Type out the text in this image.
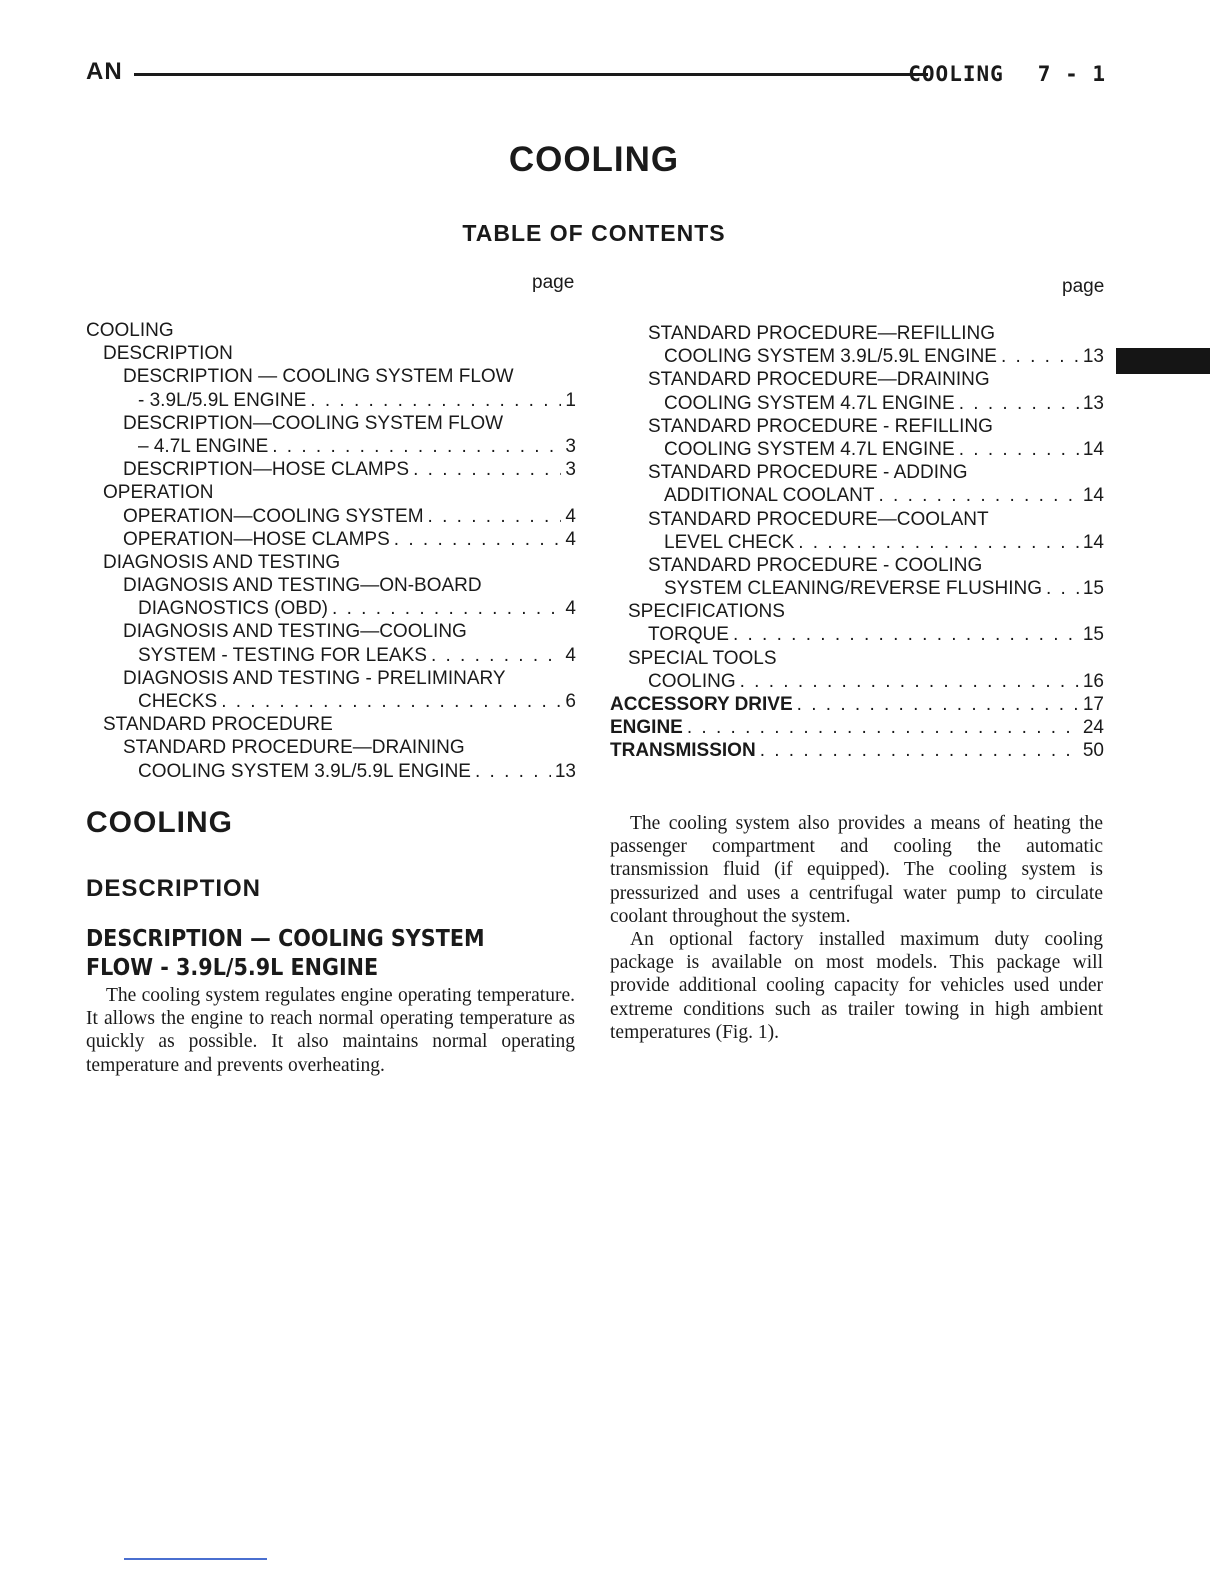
AN	COOLING 7 - 1
COOLING
TABLE OF CONTENTS
page	page
COOLING
DESCRIPTION
DESCRIPTION — COOLING SYSTEM FLOW
- 3.9L/5.9L ENGINE . . .	1
DESCRIPTION—COOLING SYSTEM FLOW
– 4.7L ENGINE . . .	3
DESCRIPTION—HOSE CLAMPS . . .	3
OPERATION
OPERATION—COOLING SYSTEM . . .	4
OPERATION—HOSE CLAMPS . . .	4
DIAGNOSIS AND TESTING
DIAGNOSIS AND TESTING—ON-BOARD
DIAGNOSTICS (OBD) . . .	4
DIAGNOSIS AND TESTING—COOLING
SYSTEM - TESTING FOR LEAKS . . .	4
DIAGNOSIS AND TESTING - PRELIMINARY
CHECKS . . .	6
STANDARD PROCEDURE
STANDARD PROCEDURE—DRAINING
COOLING SYSTEM 3.9L/5.9L ENGINE . . .	13
STANDARD PROCEDURE—REFILLING
COOLING SYSTEM 3.9L/5.9L ENGINE . . .	13
STANDARD PROCEDURE—DRAINING
COOLING SYSTEM 4.7L ENGINE . . .	13
STANDARD PROCEDURE - REFILLING
COOLING SYSTEM 4.7L ENGINE . . .	14
STANDARD PROCEDURE - ADDING
ADDITIONAL COOLANT . . .	14
STANDARD PROCEDURE—COOLANT
LEVEL CHECK . . .	14
STANDARD PROCEDURE - COOLING
SYSTEM CLEANING/REVERSE FLUSHING . . . 15
SPECIFICATIONS
TORQUE . . .	15
SPECIAL TOOLS
COOLING . . .	16
ACCESSORY DRIVE . . .	17
ENGINE . . .	24
TRANSMISSION . . .	50
COOLING
DESCRIPTION
DESCRIPTION — COOLING SYSTEM FLOW - 3.9L/5.9L ENGINE

The cooling system regulates engine operating temperature. It allows the engine to reach normal operating temperature as quickly as possible. It also maintains normal operating temperature and prevents overheating.

The cooling system also provides a means of heating the passenger compartment and cooling the automatic transmission fluid (if equipped). The cooling system is pressurized and uses a centrifugal water pump to circulate coolant throughout the system.

An optional factory installed maximum duty cooling package is available on most models. This package will provide additional cooling capacity for vehicles used under extreme conditions such as trailer towing in high ambient temperatures (Fig. 1).
